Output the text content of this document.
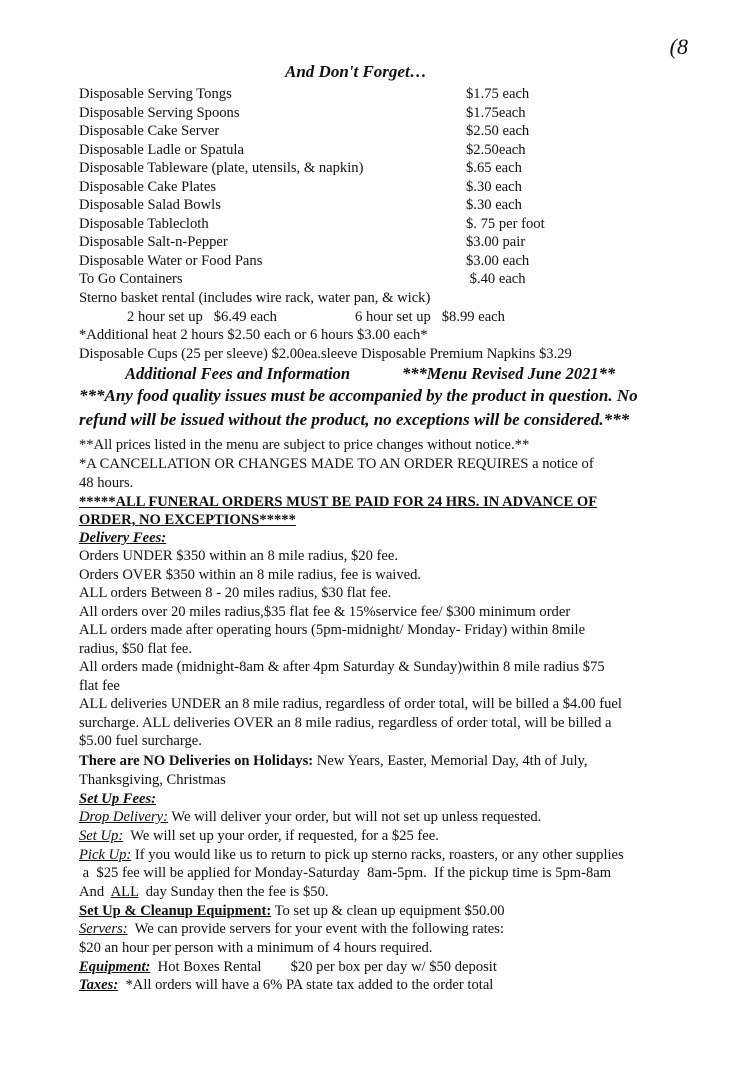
(8
And Don't Forget…
Disposable Serving Tongs	$1.75 each
Disposable Serving Spoons	$1.75each
Disposable Cake Server	$2.50 each
Disposable Ladle or Spatula	$2.50each
Disposable Tableware (plate, utensils, & napkin)	$.65 each
Disposable Cake Plates	$.30 each
Disposable Salad Bowls	$.30 each
Disposable Tablecloth	$. 75 per foot
Disposable Salt-n-Pepper	$3.00 pair
Disposable Water or Food Pans	$3.00 each
To Go Containers	$.40 each
Sterno basket rental (includes wire rack, water pan, & wick)
2 hour set up   $6.49 each	6 hour set up   $8.99 each
*Additional heat 2 hours $2.50 each or 6 hours $3.00 each*
Disposable Cups (25 per sleeve) $2.00ea.sleeve Disposable Premium Napkins $3.29
Additional Fees and Information	***Menu Revised June 2021**
***Any food quality issues must be accompanied by the product in question. No
refund will be issued without the product, no exceptions will be considered.***
**All prices listed in the menu are subject to price changes without notice.**
*A CANCELLATION OR CHANGES MADE TO AN ORDER REQUIRES a notice of
48 hours.
*****ALL FUNERAL ORDERS MUST BE PAID FOR 24 HRS. IN ADVANCE OF
ORDER, NO EXCEPTIONS*****
Delivery Fees:
Orders UNDER $350 within an 8 mile radius, $20 fee.
Orders OVER $350 within an 8 mile radius, fee is waived.
ALL orders Between 8 - 20 miles radius, $30 flat fee.
All orders over 20 miles radius,$35 flat fee & 15%service fee/ $300 minimum order
ALL orders made after operating hours (5pm-midnight/ Monday- Friday) within 8mile
radius, $50 flat fee.
All orders made (midnight-8am & after 4pm Saturday & Sunday)within 8 mile radius $75
flat fee
ALL deliveries UNDER an 8 mile radius, regardless of order total, will be billed a $4.00 fuel
surcharge. ALL deliveries OVER an 8 mile radius, regardless of order total, will be billed a
$5.00 fuel surcharge.
There are NO Deliveries on Holidays: New Years, Easter, Memorial Day, 4th of July,
Thanksgiving, Christmas
Set Up Fees:
Drop Delivery: We will deliver your order, but will not set up unless requested.
Set Up:  We will set up your order, if requested, for a $25 fee.
Pick Up: If you would like us to return to pick up sterno racks, roasters, or any other supplies
a  $25 fee will be applied for Monday-Saturday  8am-5pm.  If the pickup time is 5pm-8am
And  ALL  day Sunday then the fee is $50.
Set Up & Cleanup Equipment: To set up & clean up equipment $50.00
Servers:  We can provide servers for your event with the following rates:
$20 an hour per person with a minimum of 4 hours required.
Equipment:  Hot Boxes Rental        $20 per box per day w/ $50 deposit
Taxes:  *All orders will have a 6% PA state tax added to the order total
